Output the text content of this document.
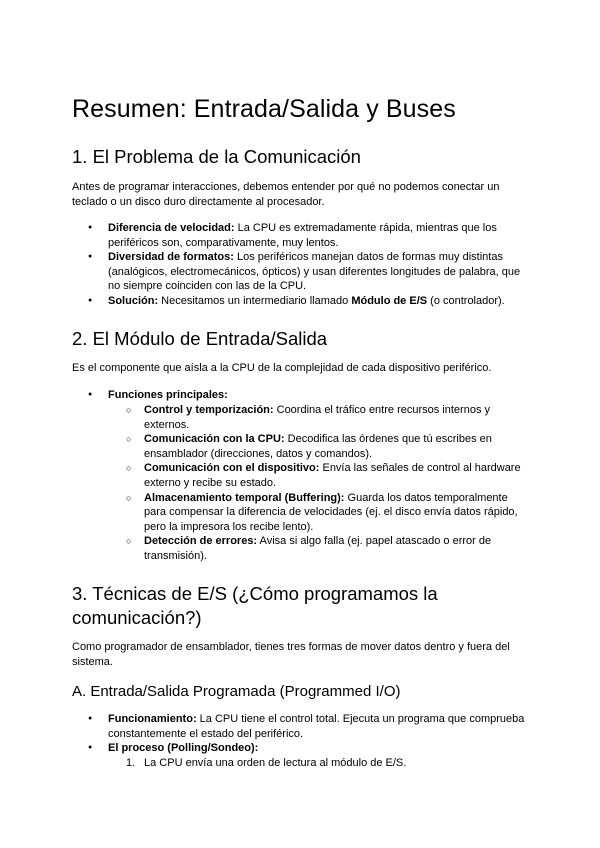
Resumen: Entrada/Salida y Buses
1. El Problema de la Comunicación

Antes de programar interacciones, debemos entender por qué no podemos conectar un teclado o un disco duro directamente al procesador.

● Diferencia de velocidad: La CPU es extremadamente rápida, mientras que los periféricos son, comparativamente, muy lentos.
● Diversidad de formatos: Los periféricos manejan datos de formas muy distintas (analógicos, electromecánicos, ópticos) y usan diferentes longitudes de palabra, que no siempre coinciden con las de la CPU.
● Solución: Necesitamos un intermediario llamado Módulo de E/S (o controlador).
2. El Módulo de Entrada/Salida

Es el componente que aísla a la CPU de la complejidad de cada dispositivo periférico.

● Funciones principales:
○ Control y temporización: Coordina el tráfico entre recursos internos y externos.
○ Comunicación con la CPU: Decodifica las órdenes que tú escribes en ensamblador (direcciones, datos y comandos).
○ Comunicación con el dispositivo: Envía las señales de control al hardware externo y recibe su estado.
○ Almacenamiento temporal (Buffering): Guarda los datos temporalmente para compensar la diferencia de velocidades (ej. el disco envía datos rápido, pero la impresora los recibe lento).
○ Detección de errores: Avisa si algo falla (ej. papel atascado o error de transmisión).
3. Técnicas de E/S (¿Cómo programamos la comunicación?)

Como programador de ensamblador, tienes tres formas de mover datos dentro y fuera del sistema.

A. Entrada/Salida Programada (Programmed I/O)
● Funcionamiento: La CPU tiene el control total. Ejecuta un programa que comprueba constantemente el estado del periférico.
● El proceso (Polling/Sondeo):
1. La CPU envía una orden de lectura al módulo de E/S.
